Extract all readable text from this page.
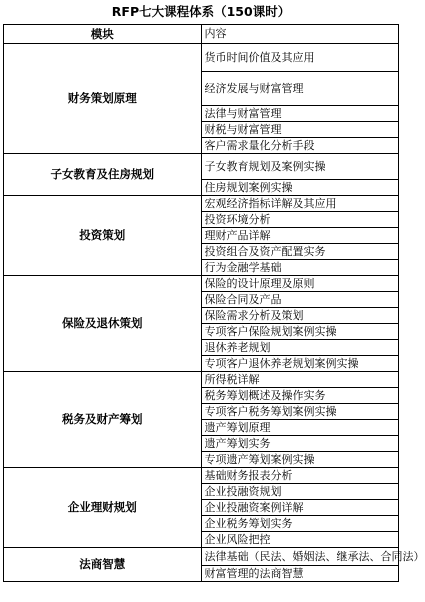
RFP七大课程体系（150课时）
模块	内容
财务策划原理	货币时间价值及其应用
	经济发展与财富管理
	法律与财富管理
	财税与财富管理
	客户需求量化分析手段
子女教育及住房规划	子女教育规划及案例实操
	住房规划案例实操
投资策划	宏观经济指标详解及其应用
	投资环境分析
	理财产品详解
	投资组合及资产配置实务
	行为金融学基础
保险及退休策划	保险的设计原理及原则
	保险合同及产品
	保险需求分析及策划
	专项客户保险规划案例实操
	退休养老规划
	专项客户退休养老规划案例实操
税务及财产筹划	所得税详解
	税务筹划概述及操作实务
	专项客户税务筹划案例实操
	遗产筹划原理
	遗产筹划实务
	专项遗产筹划案例实操
企业理财规划	基础财务报表分析
	企业投融资规划
	企业投融资案例详解
	企业税务筹划实务
	企业风险把控
法商智慧	法律基础（民法、婚姻法、继承法、合同法）
	财富管理的法商智慧
